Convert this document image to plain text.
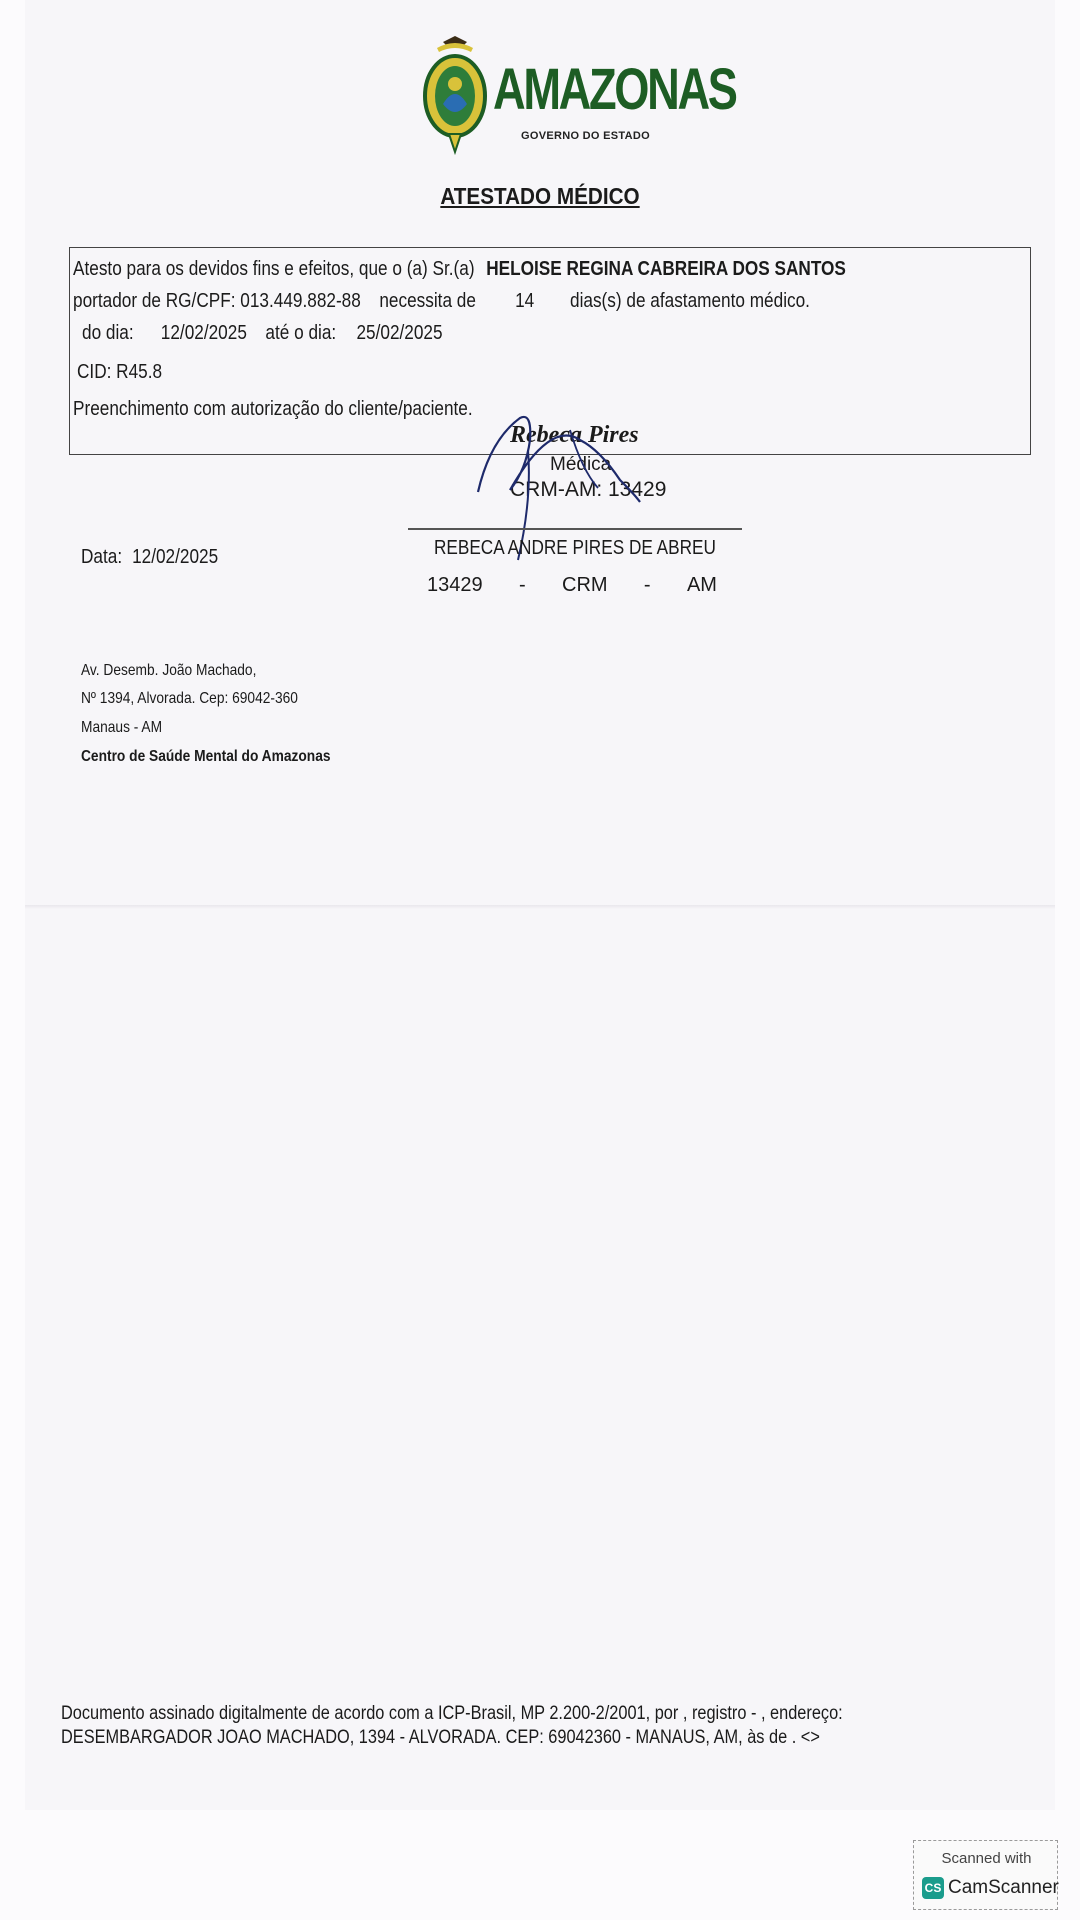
AMAZONAS
GOVERNO DO ESTADO
ATESTADO MÉDICO
Atesto para os devidos fins e efeitos, que o (a) Sr.(a) HELOISE REGINA CABREIRA DOS SANTOS
portador de RG/CPF: 013.449.882-88 necessita de 14 dias(s) de afastamento médico.
do dia: 12/02/2025 até o dia: 25/02/2025
CID: R45.8
Preenchimento com autorização do cliente/paciente.
Rebeca Pires
Médica
CRM-AM: 13429
Data: 12/02/2025	REBECA ANDRE PIRES DE ABREU
13429 - CRM - AM
Av. Desemb. João Machado,
Nº 1394, Alvorada. Cep: 69042-360
Manaus - AM
Centro de Saúde Mental do Amazonas
Documento assinado digitalmente de acordo com a ICP-Brasil, MP 2.200-2/2001, por , registro - , endereço:
DESEMBARGADOR JOAO MACHADO, 1394 - ALVORADA. CEP: 69042360 - MANAUS, AM, às de . <>
Scanned with
CS CamScanner
